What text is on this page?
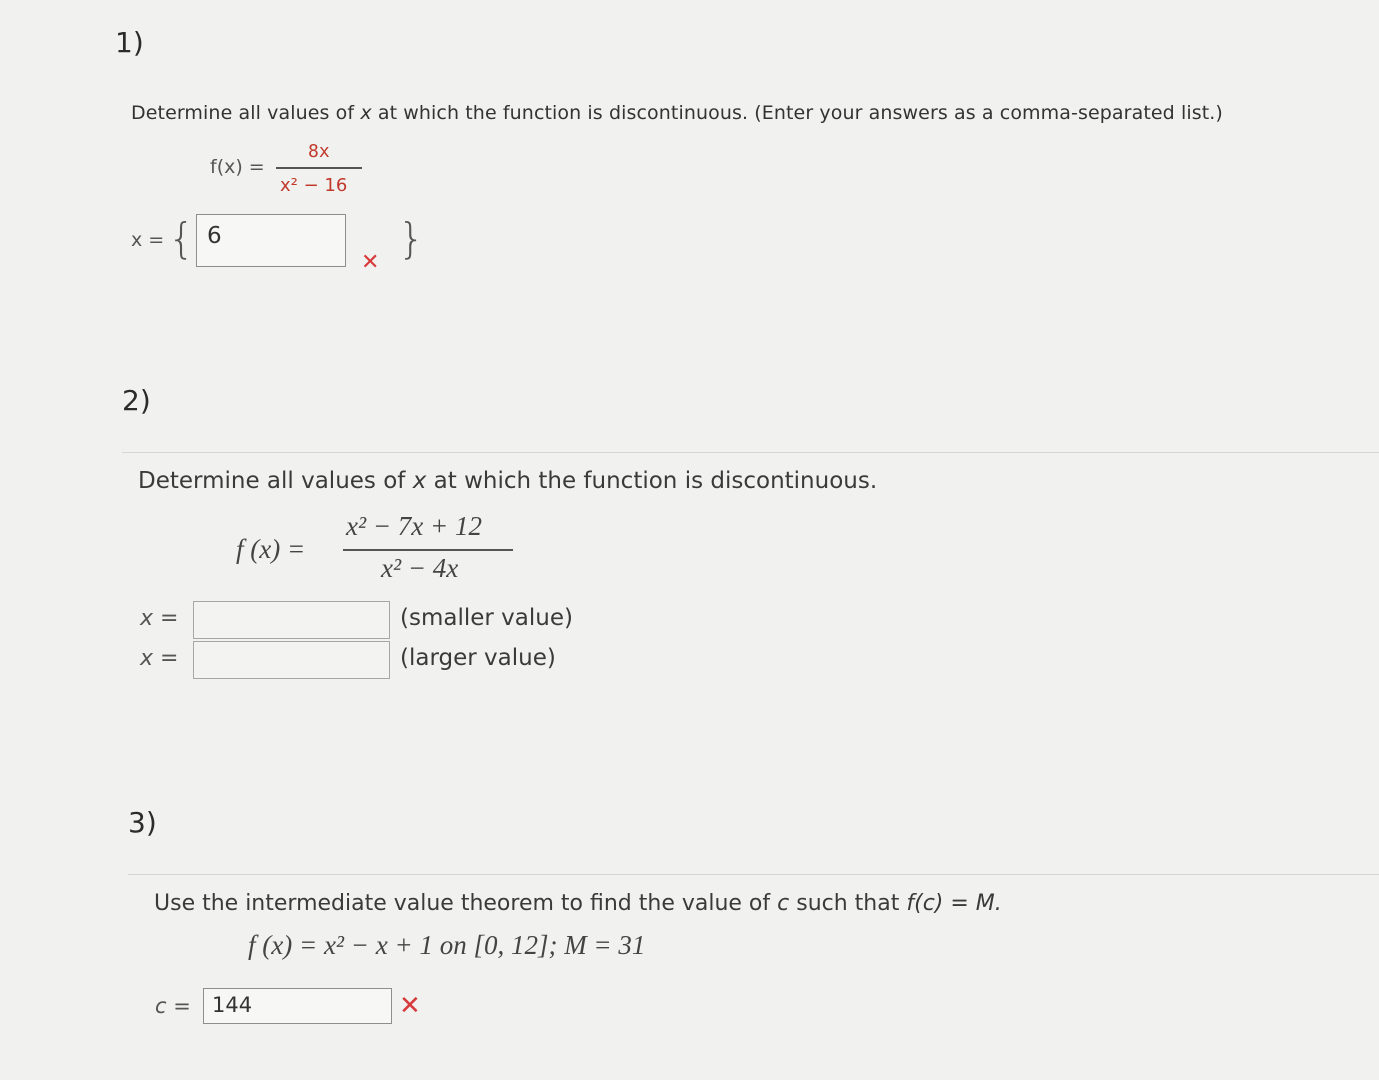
1)
Determine all values of x at which the function is discontinuous. (Enter your answers as a comma-separated list.)
f(x) =
8x
x² − 16
x = { 6
✕ }
2)
Determine all values of x at which the function is discontinuous.
f (x) =
x² − 7x + 12
x² − 4x
x =	(smaller value)
x =	(larger value)
3)
Use the intermediate value theorem to find the value of c such that f(c) = M.
f (x) = x² − x + 1 on [0, 12]; M = 31
c =	144	✕
